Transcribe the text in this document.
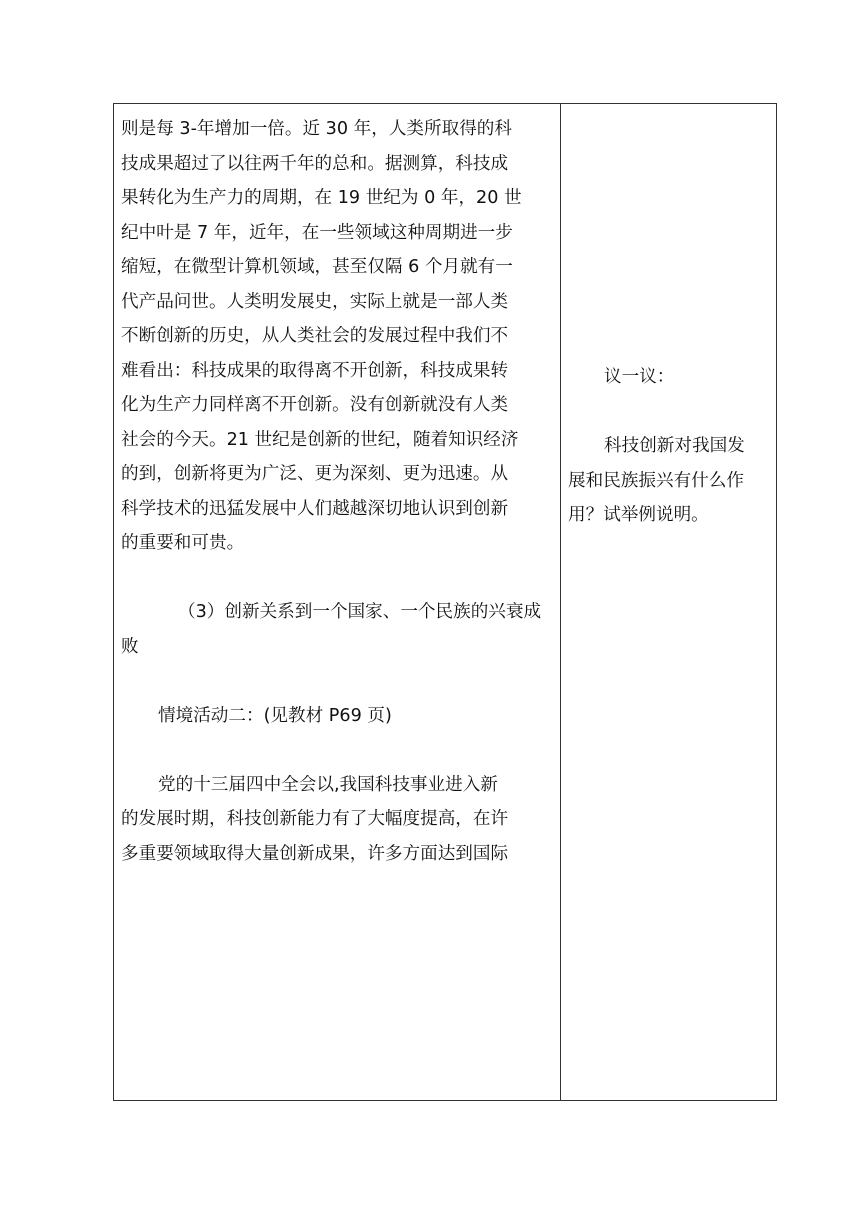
则是每 3-年增加一倍。近 30 年，人类所取得的科
技成果超过了以往两千年的总和。据测算，科技成
果转化为生产力的周期，在 19 世纪为 0 年，20 世
纪中叶是 7 年，近年，在一些领域这种周期进一步
缩短，在微型计算机领域，甚至仅隔 6 个月就有一
代产品问世。人类明发展史，实际上就是一部人类
不断创新的历史，从人类社会的发展过程中我们不
难看出：科技成果的取得离不开创新，科技成果转
化为生产力同样离不开创新。没有创新就没有人类
社会的今天。21 世纪是创新的世纪，随着知识经济
的到，创新将更为广泛、更为深刻、更为迅速。从
科学技术的迅猛发展中人们越越深切地认识到创新
的重要和可贵。
（3）创新关系到一个国家、一个民族的兴衰成
败
情境活动二：(见教材 P69 页)
党的十三届四中全会以,我国科技事业进入新
的发展时期，科技创新能力有了大幅度提高，在许
多重要领域取得大量创新成果，许多方面达到国际
议一议：
科技创新对我国发
展和民族振兴有什么作
用？试举例说明。
